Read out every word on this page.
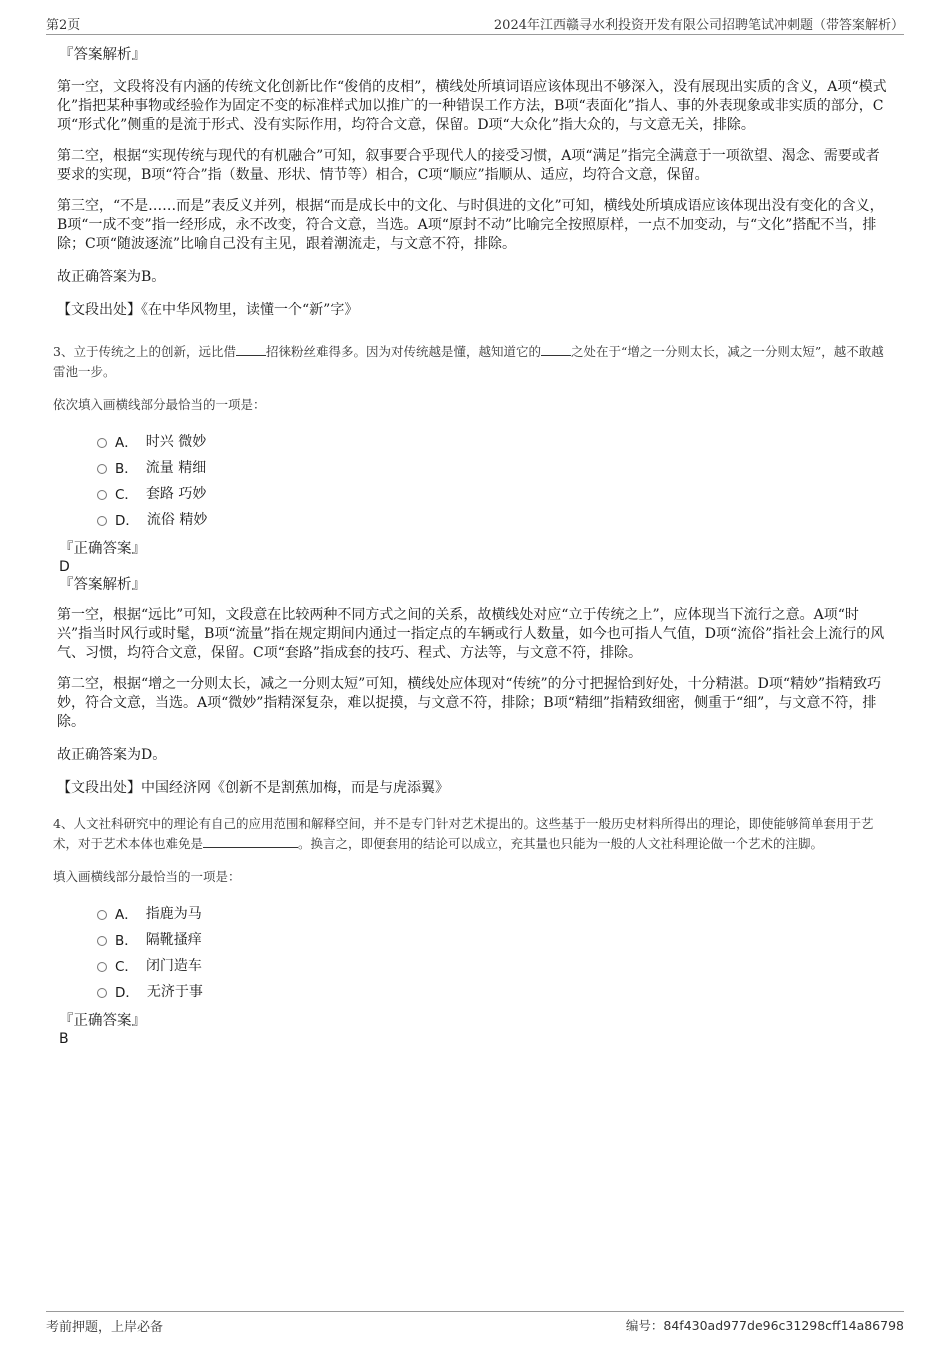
第2页	2024年江西赣寻水利投资开发有限公司招聘笔试冲刺题（带答案解析）
『答案解析』

第一空，文段将没有内涵的传统文化创新比作“俊俏的皮相”，横线处所填词语应该体现出不够深入，没有展现出实质的含义，A项“模式化”指把某种事物或经验作为固定不变的标准样式加以推广的一种错误工作方法，B项“表面化”指人、事的外表现象或非实质的部分，C项“形式化”侧重的是流于形式、没有实际作用，均符合文意，保留。D项“大众化”指大众的，与文意无关，排除。

第二空，根据“实现传统与现代的有机融合”可知，叙事要合乎现代人的接受习惯，A项“满足”指完全满意于一项欲望、渴念、需要或者要求的实现，B项“符合”指（数量、形状、情节等）相合，C项“顺应”指顺从、适应，均符合文意，保留。

第三空，“不是……而是”表反义并列，根据“而是成长中的文化、与时俱进的文化”可知，横线处所填成语应该体现出没有变化的含义，B项“一成不变”指一经形成，永不改变，符合文意，当选。A项“原封不动”比喻完全按照原样，一点不加变动，与“文化”搭配不当，排除；C项“随波逐流”比喻自己没有主见，跟着潮流走，与文意不符，排除。

故正确答案为B。

【文段出处】《在中华风物里，读懂一个“新”字》

3、立于传统之上的创新，远比借 招徕粉丝难得多。因为对传统越是懂，越知道它的 之处在于“增之一分则太长，减之一分则太短”，越不敢越雷池一步。

依次填入画横线部分最恰当的一项是：

A． 时兴 微妙
B． 流量 精细
C． 套路 巧妙
D． 流俗 精妙
『正确答案』
D
『答案解析』

第一空，根据“远比”可知，文段意在比较两种不同方式之间的关系，故横线处对应“立于传统之上”，应体现当下流行之意。A项“时兴”指当时风行或时髦，B项“流量”指在规定期间内通过一指定点的车辆或行人数量，如今也可指人气值，D项“流俗”指社会上流行的风气、习惯，均符合文意，保留。C项“套路”指成套的技巧、程式、方法等，与文意不符，排除。

第二空，根据“增之一分则太长，减之一分则太短”可知，横线处应体现对“传统”的分寸把握恰到好处，十分精湛。D项“精妙”指精致巧妙，符合文意，当选。A项“微妙”指精深复杂，难以捉摸，与文意不符，排除；B项“精细”指精致细密，侧重于“细”，与文意不符，排除。

故正确答案为D。

【文段出处】中国经济网《创新不是割蕉加梅，而是与虎添翼》

4、人文社科研究中的理论有自己的应用范围和解释空间，并不是专门针对艺术提出的。这些基于一般历史材料所得出的理论，即使能够简单套用于艺术，对于艺术本体也难免是	。换言之，即便套用的结论可以成立，充其量也只能为一般的人文社科理论做一个艺术的注脚。

填入画横线部分最恰当的一项是：

A． 指鹿为马
B． 隔靴搔痒
C． 闭门造车
D． 无济于事
『正确答案』
B
考前押题，上岸必备	编号：84f430ad977de96c31298cff14a86798
